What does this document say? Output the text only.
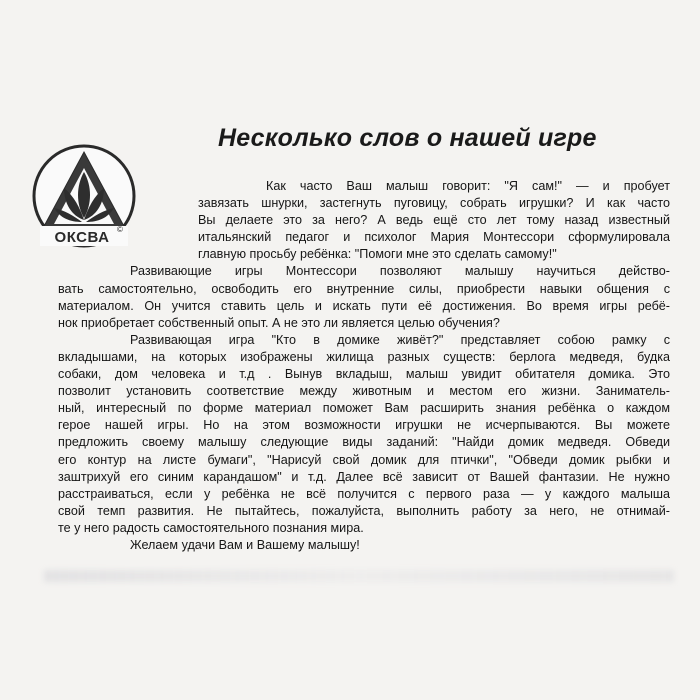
ОКСВА ©
Несколько слов о нашей игре
Как часто Ваш малыш говорит: "Я сам!" — и пробует
завязать шнурки, застегнуть пуговицу, собрать игрушки? И как часто
Вы делаете это за него? А ведь ещё сто лет тому назад известный
итальянский педагог и психолог Мария Монтессори сформулировала
главную просьбу ребёнка: "Помоги мне это сделать самому!"
Развивающие игры Монтессори позволяют малышу научиться действо-
вать самостоятельно, освободить его внутренние силы, приобрести навыки общения с
материалом. Он учится ставить цель и искать пути её достижения. Во время игры ребё-
нок приобретает собственный опыт. А не это ли является целью обучения?
Развивающая игра "Кто в домике живёт?" представляет собою рамку с
вкладышами, на которых изображены жилища разных существ: берлога медведя, будка
собаки, дом человека и т.д . Вынув вкладыш, малыш увидит обитателя домика. Это
позволит установить соответствие между животным и местом его жизни. Заниматель-
ный, интересный по форме материал поможет Вам расширить знания ребёнка о каждом
герое нашей игры. Но на этом возможности игрушки не исчерпываются. Вы можете
предложить своему малышу следующие виды заданий: "Найди домик медведя. Обведи
его контур на листе бумаги", "Нарисуй свой домик для птички", "Обведи домик рыбки и
заштрихуй его синим карандашом" и т.д. Далее всё зависит от Вашей фантазии. Не нужно
расстраиваться, если у ребёнка не всё получится с первого раза — у каждого малыша
свой темп развития. Не пытайтесь, пожалуйста, выполнить работу за него, не отнимай-
те у него радость самостоятельного познания мира.
Желаем удачи Вам и Вашему малышу!
